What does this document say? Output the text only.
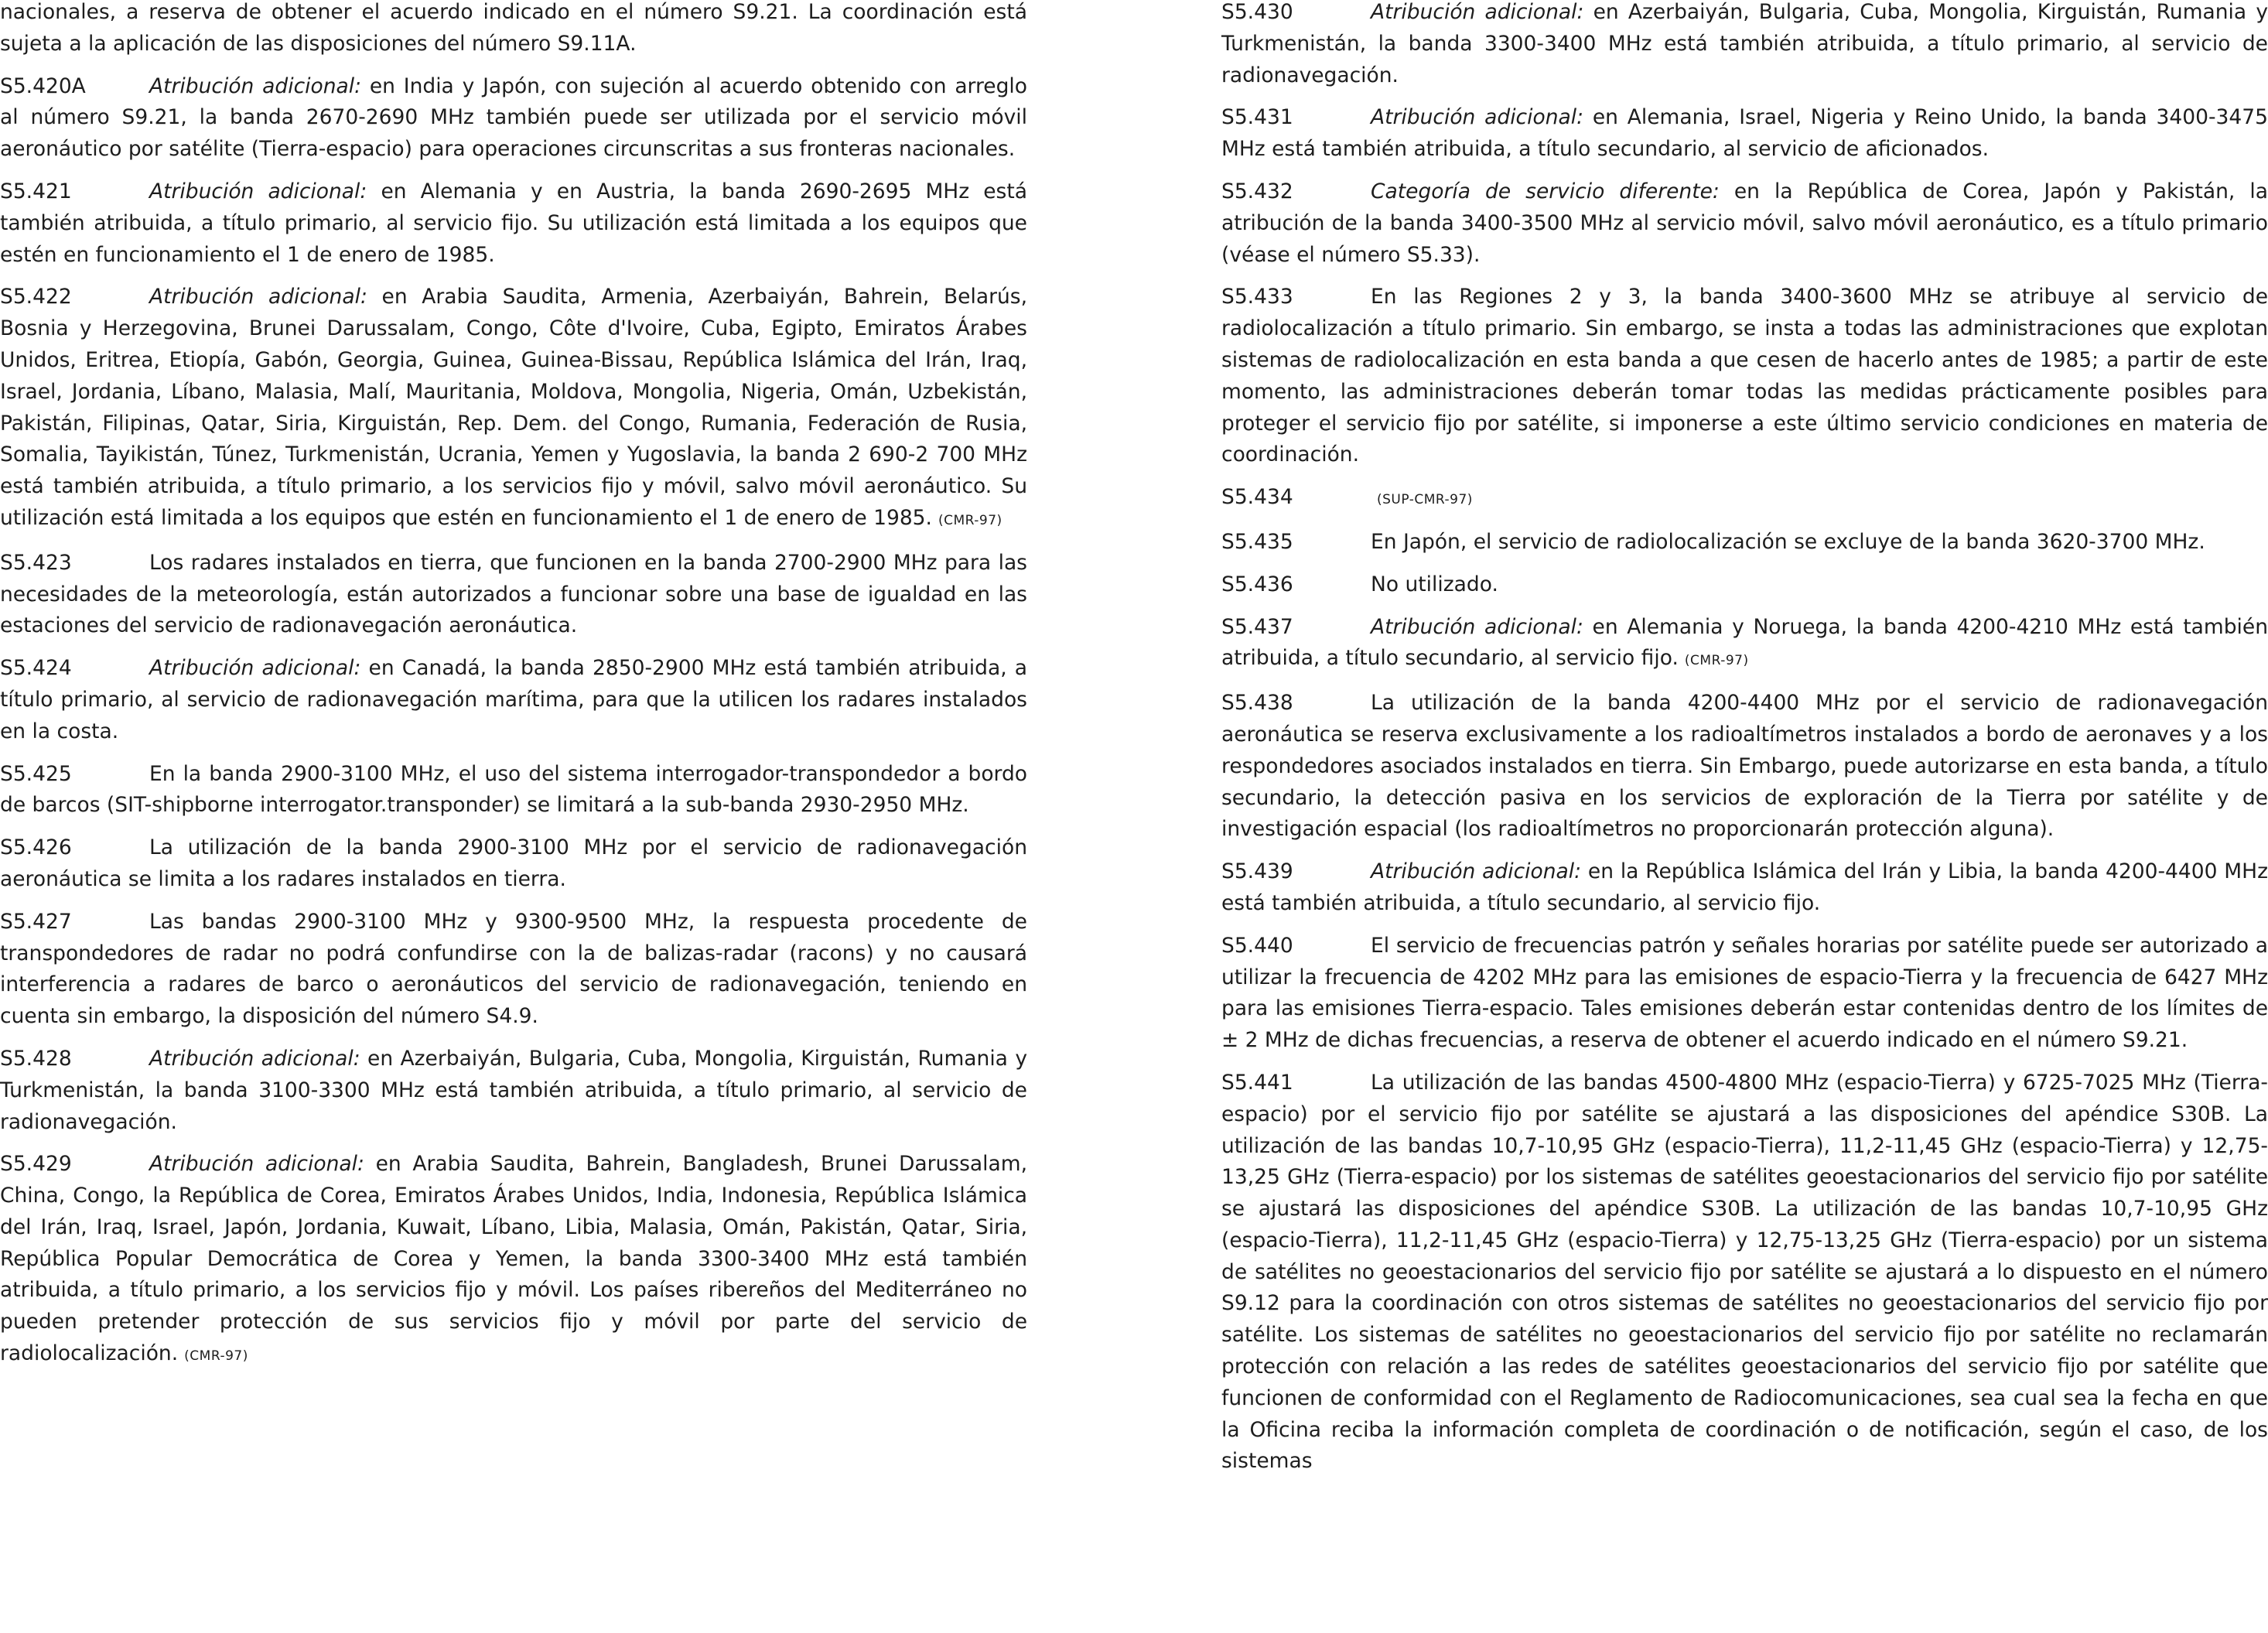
nacionales, a reserva de obtener el acuerdo indicado en el número S9.21. La coordinación está sujeta a la aplicación de las disposiciones del número S9.11A.
S5.420A	Atribución adicional: en India y Japón, con sujeción al acuerdo obtenido con arreglo al número S9.21, la banda 2670-2690 MHz también puede ser utilizada por el servicio móvil aeronáutico por satélite (Tierra-espacio) para operaciones circunscritas a sus fronteras nacionales.
S5.421	Atribución adicional: en Alemania y en Austria, la banda 2690-2695 MHz está también atribuida, a título primario, al servicio fijo. Su utilización está limitada a los equipos que estén en funcionamiento el 1 de enero de 1985.
S5.422	Atribución adicional: en Arabia Saudita, Armenia, Azerbaiyán, Bahrein, Belarús, Bosnia y Herzegovina, Brunei Darussalam, Congo, Côte d'Ivoire, Cuba, Egipto, Emiratos Árabes Unidos, Eritrea, Etiopía, Gabón, Georgia, Guinea, Guinea-Bissau, República Islámica del Irán, Iraq, Israel, Jordania, Líbano, Malasia, Malí, Mauritania, Moldova, Mongolia, Nigeria, Omán, Uzbekistán, Pakistán, Filipinas, Qatar, Siria, Kirguistán, Rep. Dem. del Congo, Rumania, Federación de Rusia, Somalia, Tayikistán, Túnez, Turkmenistán, Ucrania, Yemen y Yugoslavia, la banda 2 690-2 700 MHz está también atribuida, a título primario, a los servicios fijo y móvil, salvo móvil aeronáutico. Su utilización está limitada a los equipos que estén en funcionamiento el 1 de enero de 1985. (CMR-97)
S5.423	Los radares instalados en tierra, que funcionen en la banda 2700-2900 MHz para las necesidades de la meteorología, están autorizados a funcionar sobre una base de igualdad en las estaciones del servicio de radionavegación aeronáutica.
S5.424	Atribución adicional: en Canadá, la banda 2850-2900 MHz está también atribuida, a título primario, al servicio de radionavegación marítima, para que la utilicen los radares instalados en la costa.
S5.425	En la banda 2900-3100 MHz, el uso del sistema interrogador-transpondedor a bordo de barcos (SIT-shipborne interrogator.transponder) se limitará a la sub-banda 2930-2950 MHz.
S5.426	La utilización de la banda 2900-3100 MHz por el servicio de radionavegación aeronáutica se limita a los radares instalados en tierra.
S5.427	Las bandas 2900-3100 MHz y 9300-9500 MHz, la respuesta procedente de transpondedores de radar no podrá confundirse con la de balizas-radar (racons) y no causará interferencia a radares de barco o aeronáuticos del servicio de radionavegación, teniendo en cuenta sin embargo, la disposición del número S4.9.
S5.428	Atribución adicional: en Azerbaiyán, Bulgaria, Cuba, Mongolia, Kirguistán, Rumania y Turkmenistán, la banda 3100-3300 MHz está también atribuida, a título primario, al servicio de radionavegación.
S5.429	Atribución adicional: en Arabia Saudita, Bahrein, Bangladesh, Brunei Darussalam, China, Congo, la República de Corea, Emiratos Árabes Unidos, India, Indonesia, República Islámica del Irán, Iraq, Israel, Japón, Jordania, Kuwait, Líbano, Libia, Malasia, Omán, Pakistán, Qatar, Siria, República Popular Democrática de Corea y Yemen, la banda 3300-3400 MHz está también atribuida, a título primario, a los servicios fijo y móvil. Los países ribereños del Mediterráneo no pueden pretender protección de sus servicios fijo y móvil por parte del servicio de radiolocalización. (CMR-97)
S5.430	Atribución adicional: en Azerbaiyán, Bulgaria, Cuba, Mongolia, Kirguistán, Rumania y Turkmenistán, la banda 3300-3400 MHz está también atribuida, a título primario, al servicio de radionavegación.
S5.431	Atribución adicional: en Alemania, Israel, Nigeria y Reino Unido, la banda 3400-3475 MHz está también atribuida, a título secundario, al servicio de aficionados.
S5.432	Categoría de servicio diferente: en la República de Corea, Japón y Pakistán, la atribución de la banda 3400-3500 MHz al servicio móvil, salvo móvil aeronáutico, es a título primario (véase el número S5.33).
S5.433	En las Regiones 2 y 3, la banda 3400-3600 MHz se atribuye al servicio de radiolocalización a título primario. Sin embargo, se insta a todas las administraciones que explotan sistemas de radiolocalización en esta banda a que cesen de hacerlo antes de 1985; a partir de este momento, las administraciones deberán tomar todas las medidas prácticamente posibles para proteger el servicio fijo por satélite, si imponerse a este último servicio condiciones en materia de coordinación.
S5.434	(SUP-CMR-97)
S5.435	En Japón, el servicio de radiolocalización se excluye de la banda 3620-3700 MHz.
S5.436	No utilizado.
S5.437	Atribución adicional: en Alemania y Noruega, la banda 4200-4210 MHz está también atribuida, a título secundario, al servicio fijo. (CMR-97)
S5.438	La utilización de la banda 4200-4400 MHz por el servicio de radionavegación aeronáutica se reserva exclusivamente a los radioaltímetros instalados a bordo de aeronaves y a los respondedores asociados instalados en tierra. Sin Embargo, puede autorizarse en esta banda, a título secundario, la detección pasiva en los servicios de exploración de la Tierra por satélite y de investigación espacial (los radioaltímetros no proporcionarán protección alguna).
S5.439	Atribución adicional: en la República Islámica del Irán y Libia, la banda 4200-4400 MHz está también atribuida, a título secundario, al servicio fijo.
S5.440	El servicio de frecuencias patrón y señales horarias por satélite puede ser autorizado a utilizar la frecuencia de 4202 MHz para las emisiones de espacio-Tierra y la frecuencia de 6427 MHz para las emisiones Tierra-espacio. Tales emisiones deberán estar contenidas dentro de los límites de ± 2 MHz de dichas frecuencias, a reserva de obtener el acuerdo indicado en el número S9.21.
S5.441	La utilización de las bandas 4500-4800 MHz (espacio-Tierra) y 6725-7025 MHz (Tierra-espacio) por el servicio fijo por satélite se ajustará a las disposiciones del apéndice S30B. La utilización de las bandas 10,7-10,95 GHz (espacio-Tierra), 11,2-11,45 GHz (espacio-Tierra) y 12,75-13,25 GHz (Tierra-espacio) por los sistemas de satélites geoestacionarios del servicio fijo por satélite se ajustará las disposiciones del apéndice S30B. La utilización de las bandas 10,7-10,95 GHz (espacio-Tierra), 11,2-11,45 GHz (espacio-Tierra) y 12,75-13,25 GHz (Tierra-espacio) por un sistema de satélites no geoestacionarios del servicio fijo por satélite se ajustará a lo dispuesto en el número S9.12 para la coordinación con otros sistemas de satélites no geoestacionarios del servicio fijo por satélite. Los sistemas de satélites no geoestacionarios del servicio fijo por satélite no reclamarán protección con relación a las redes de satélites geoestacionarios del servicio fijo por satélite que funcionen de conformidad con el Reglamento de Radiocomunicaciones, sea cual sea la fecha en que la Oficina reciba la información completa de coordinación o de notificación, según el caso, de los sistemas
